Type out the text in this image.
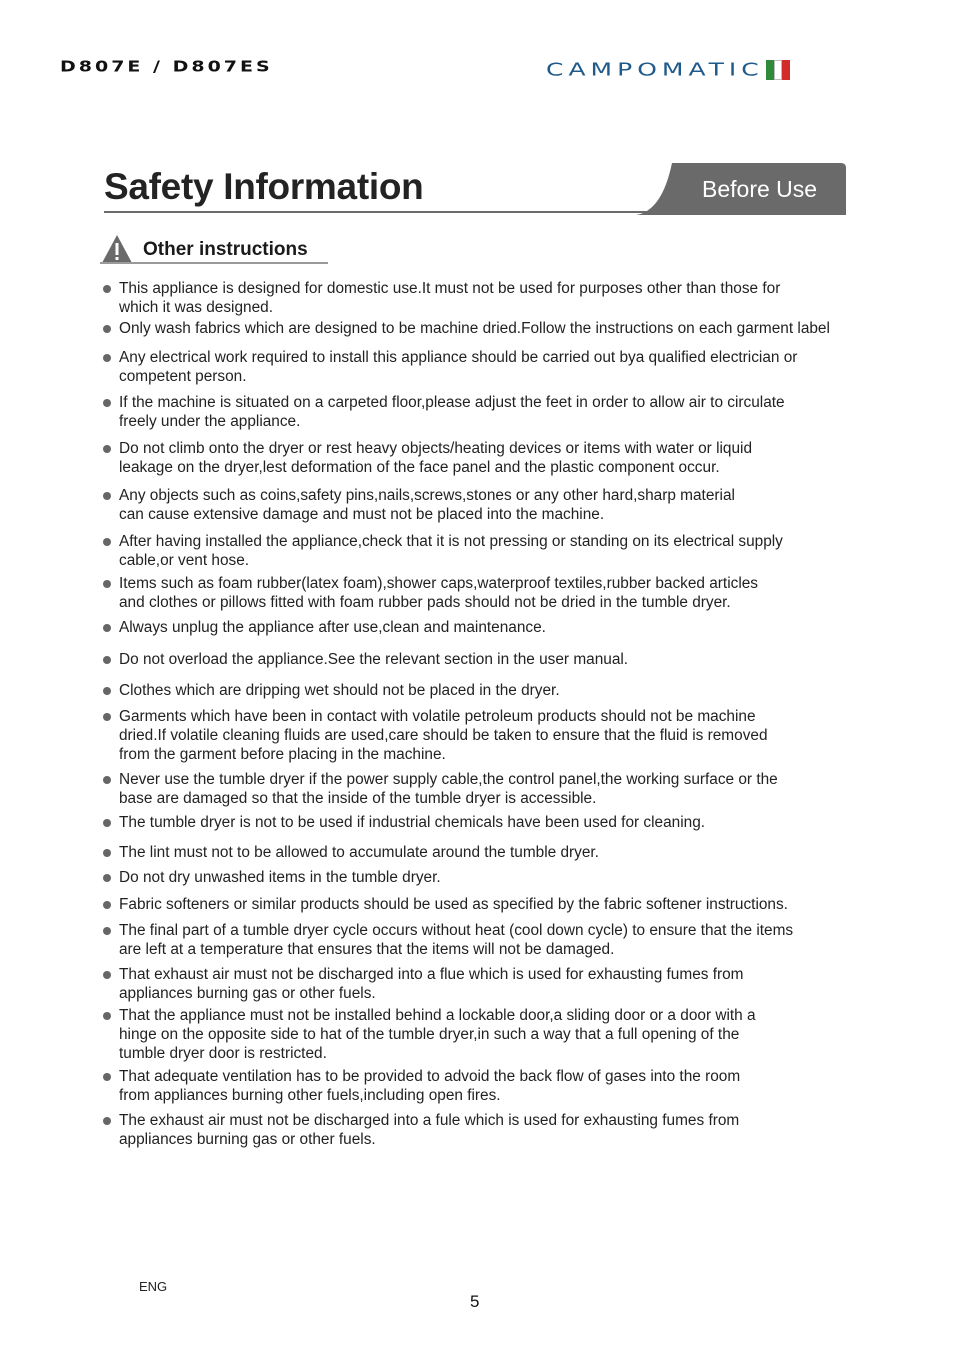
D807E / D807ES	CAMPOMATIC
Safety Information	Before Use
Other instructions
This appliance is designed for domestic use.It must not be used for purposes other than those for
which it was designed.
Only wash fabrics which are designed to be machine dried.Follow the instructions on each garment label
Any electrical work required to install this appliance should be carried out bya qualified electrician or
competent person.
If the machine is situated on a carpeted floor,please adjust the feet in order to allow air to circulate
freely under the appliance.
Do not climb onto the dryer or rest heavy objects/heating devices or items with water or liquid
leakage on the dryer,lest deformation of the face panel and the plastic component occur.
Any objects such as coins,safety pins,nails,screws,stones or any other hard,sharp material
can cause extensive damage and must not be placed into the machine.
After having installed the appliance,check that it is not pressing or standing on its electrical supply
cable,or vent hose.
Items such as foam rubber(latex foam),shower caps,waterproof textiles,rubber backed articles
and clothes or pillows fitted with foam rubber pads should not be dried in the tumble dryer.
Always unplug the appliance after use,clean and maintenance.
Do not overload the appliance.See the relevant section in the user manual.
Clothes which are dripping wet should not be placed in the dryer.
Garments which have been in contact with volatile petroleum products should not be machine
dried.If volatile cleaning fluids are used,care should be taken to ensure that the fluid is removed
from the garment before placing in the machine.
Never use the tumble dryer if the power supply cable,the control panel,the working surface or the
base are damaged so that the inside of the tumble dryer is accessible.
The tumble dryer is not to be used if industrial chemicals have been used for cleaning.
The lint must not to be allowed to accumulate around the tumble dryer.
Do not dry unwashed items in the tumble dryer.
Fabric softeners or similar products should be used as specified by the fabric softener instructions.
The final part of a tumble dryer cycle occurs without heat (cool down cycle) to ensure that the items
are left at a temperature that ensures that the items will not be damaged.
That exhaust air must not be discharged into a flue which is used for exhausting fumes from
appliances burning gas or other fuels.
That the appliance must not be installed behind a lockable door,a sliding door or a door with a
hinge on the opposite side to hat of the tumble dryer,in such a way that a full opening of the
tumble dryer door is restricted.
That adequate ventilation has to be provided to advoid the back flow of gases into the room
from appliances burning other fuels,including open fires.
The exhaust air must not be discharged into a fule which is used for exhausting fumes from
appliances burning gas or other fuels.
ENG
5
